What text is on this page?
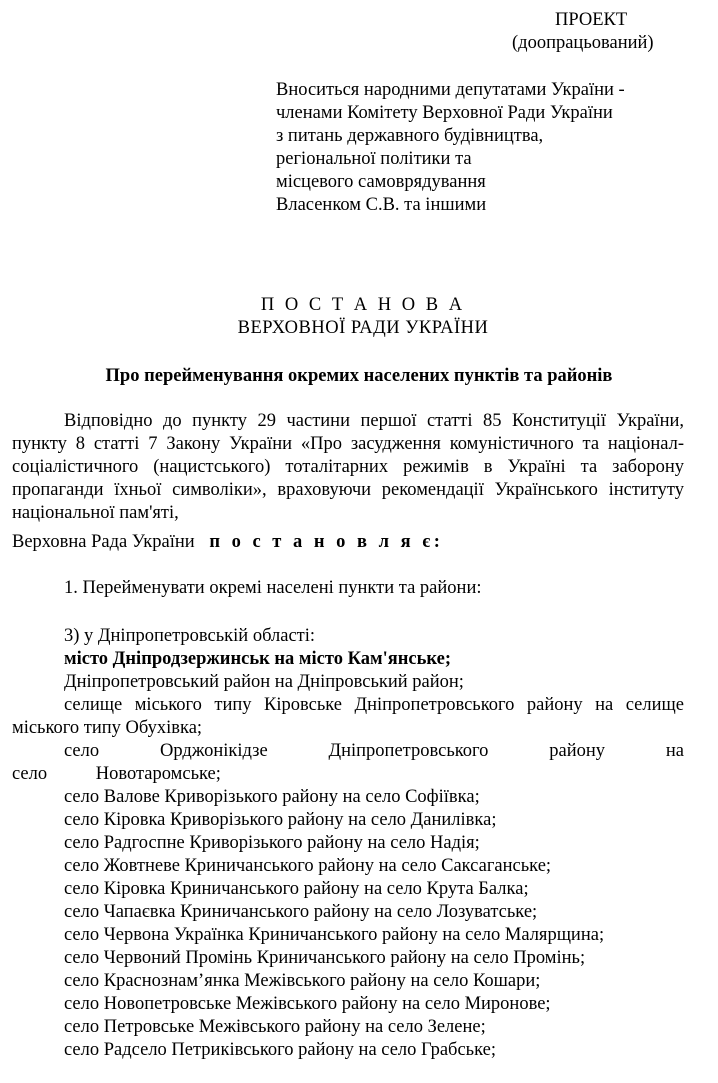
ПРОЕКТ
(доопрацьований)
Вноситься народними депутатами України -
членами Комітету Верховної Ради України
з питань державного будівництва,
регіональної політики та
місцевого самоврядування
Власенком С.В. та іншими
П О С Т А Н О В А
ВЕРХОВНОЇ РАДИ УКРАЇНИ
Про перейменування окремих населених пунктів та районів
Відповідно до пункту 29 частини першої статті 85 Конституції України, пункту 8 статті 7 Закону України «Про засудження комуністичного та націонал-соціалістичного (нацистського) тоталітарних режимів в Україні та заборону пропаганди їхньої символіки», враховуючи рекомендації Українського інституту національної пам'яті,
Верховна Рада України п о с т а н о в л я є:
1. Перейменувати окремі населені пункти та райони:
3) у Дніпропетровській області:
місто Дніпродзержинськ на місто Кам'янське;
Дніпропетровський район на Дніпровський район;
селище міського типу Кіровське Дніпропетровського району на селище міського типу Обухівка;
село Орджонікідзе Дніпропетровського району на село Новотаромське;
село Валове Криворізького району на село Софіївка;
село Кіровка Криворізького району на село Данилівка;
село Радгоспне Криворізького району на село Надія;
село Жовтневе Криничанського району на село Саксаганське;
село Кіровка Криничанського району на село Крута Балка;
село Чапаєвка Криничанського району на село Лозуватське;
село Червона Украïнка Криничанського району на село Малярщина;
село Червоний Промінь Криничанського району на село Промінь;
село Краснознам’янка Межівського району на село Кошари;
село Новопетровське Межівського району на село Миронове;
село Петровське Межівського району на село Зелене;
село Радсело Петриківського району на село Грабське;
